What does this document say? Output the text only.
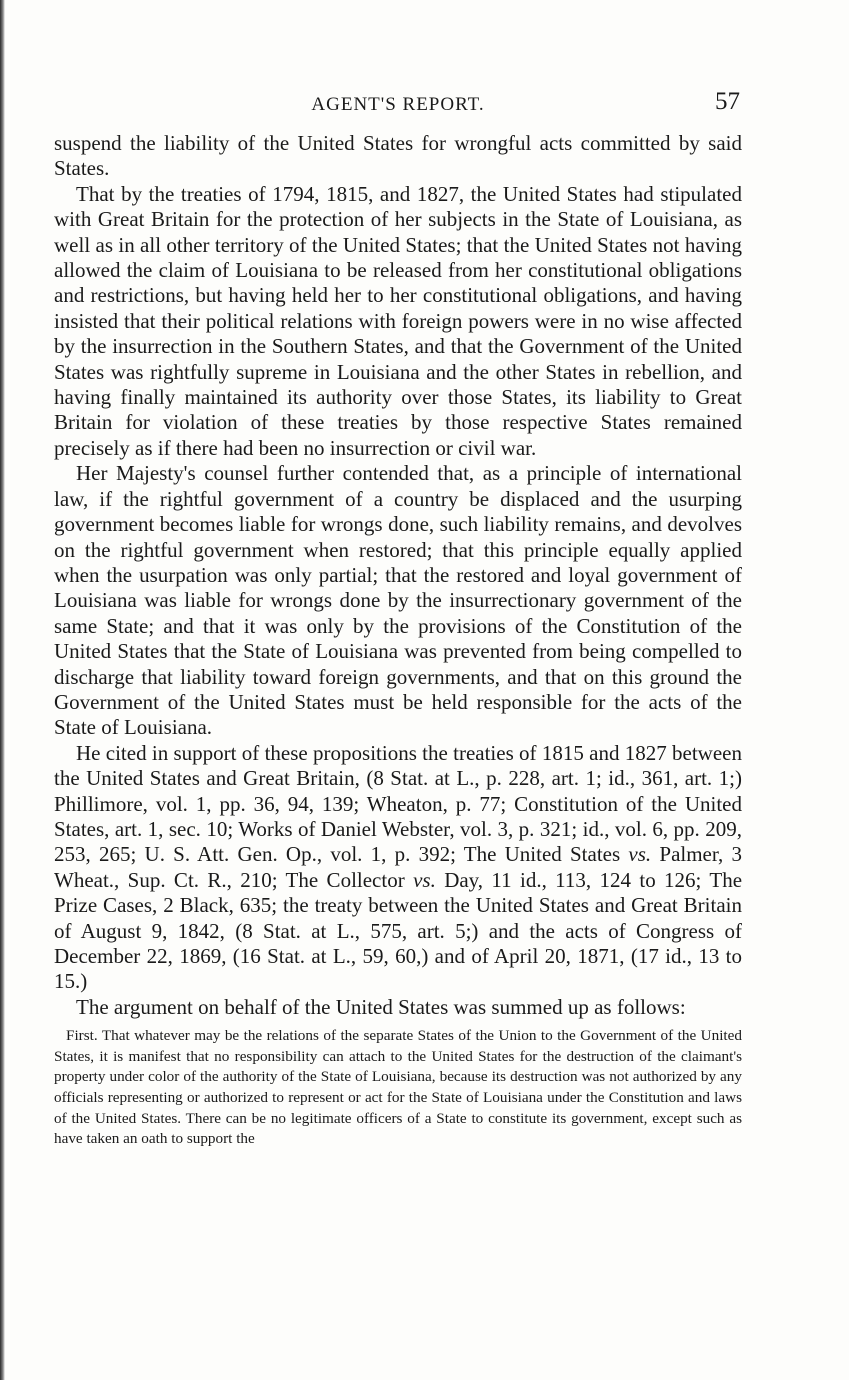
AGENT'S REPORT.	57

suspend the liability of the United States for wrongful acts committed by said States.

That by the treaties of 1794, 1815, and 1827, the United States had stipulated with Great Britain for the protection of her subjects in the State of Louisiana, as well as in all other territory of the United States; that the United States not having allowed the claim of Louisiana to be released from her constitutional obligations and restrictions, but having held her to her constitutional obligations, and having insisted that their political relations with foreign powers were in no wise affected by the insurrection in the Southern States, and that the Government of the United States was rightfully supreme in Louisiana and the other States in rebellion, and having finally maintained its authority over those States, its liability to Great Britain for violation of these treaties by those respective States remained precisely as if there had been no insurrection or civil war.

Her Majesty's counsel further contended that, as a principle of international law, if the rightful government of a country be displaced and the usurping government becomes liable for wrongs done, such liability remains, and devolves on the rightful government when restored; that this principle equally applied when the usurpation was only partial; that the restored and loyal government of Louisiana was liable for wrongs done by the insurrectionary government of the same State; and that it was only by the provisions of the Constitution of the United States that the State of Louisiana was prevented from being compelled to discharge that liability toward foreign governments, and that on this ground the Government of the United States must be held responsible for the acts of the State of Louisiana.

He cited in support of these propositions the treaties of 1815 and 1827 between the United States and Great Britain, (8 Stat. at L., p. 228, art. 1; id., 361, art. 1;) Phillimore, vol. 1, pp. 36, 94, 139; Wheaton, p. 77; Constitution of the United States, art. 1, sec. 10; Works of Daniel Webster, vol. 3, p. 321; id., vol. 6, pp. 209, 253, 265; U. S. Att. Gen. Op., vol. 1, p. 392; The United States vs. Palmer, 3 Wheat., Sup. Ct. R., 210; The Collector vs. Day, 11 id., 113, 124 to 126; The Prize Cases, 2 Black, 635; the treaty between the United States and Great Britain of August 9, 1842, (8 Stat. at L., 575, art. 5;) and the acts of Congress of December 22, 1869, (16 Stat. at L., 59, 60,) and of April 20, 1871, (17 id., 13 to 15.)

The argument on behalf of the United States was summed up as follows:

First. That whatever may be the relations of the separate States of the Union to the Government of the United States, it is manifest that no responsibility can attach to the United States for the destruction of the claimant's property under color of the authority of the State of Louisiana, because its destruction was not authorized by any officials representing or authorized to represent or act for the State of Louisiana under the Constitution and laws of the United States. There can be no legitimate officers of a State to constitute its government, except such as have taken an oath to support the
